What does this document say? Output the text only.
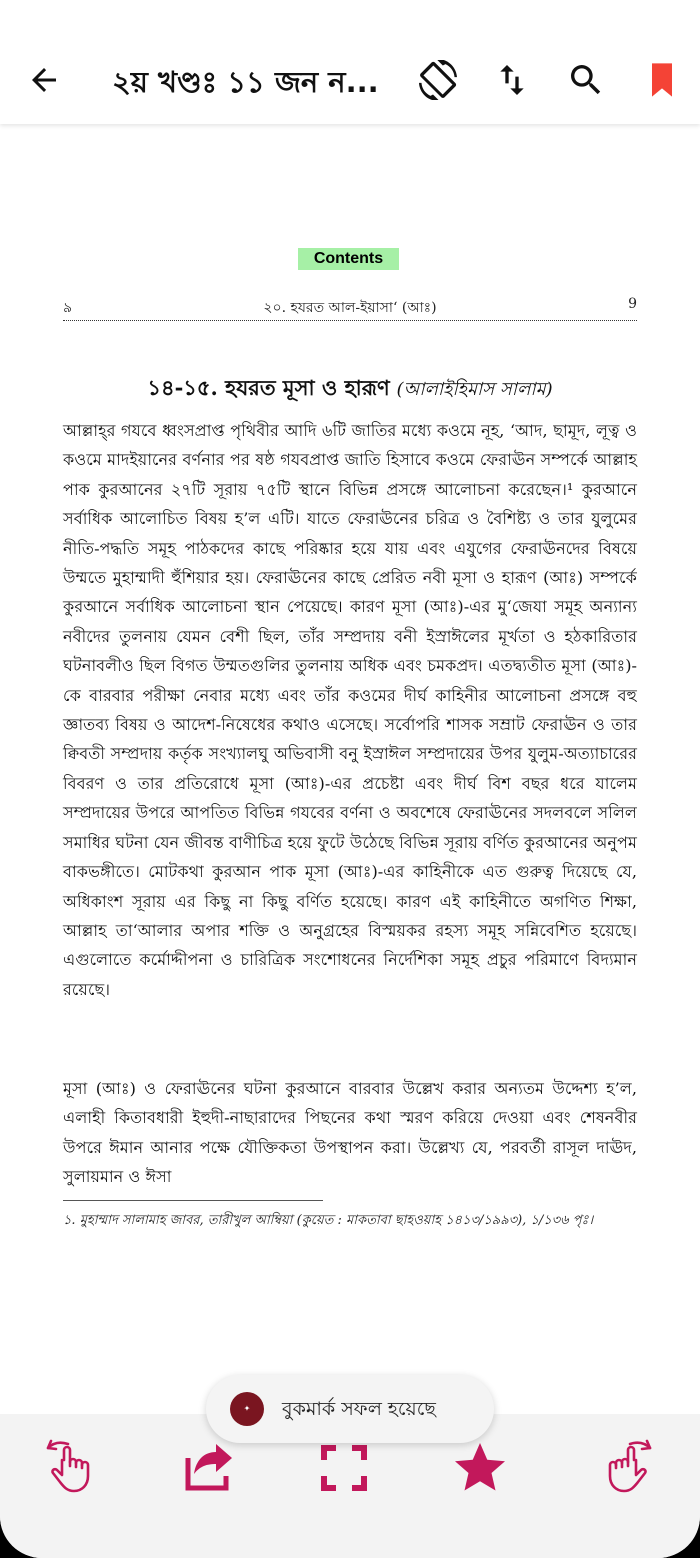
২য় খণ্ডঃ ১১ জন ন...
Contents
৯	২০. হযরত আল-ইয়াসা‘ (আঃ)	9
১৪-১৫. হযরত মূসা ও হারূণ (আলাইহিমাস সালাম)

আল্লাহ্‌র গযবে ধ্বংসপ্রাপ্ত পৃথিবীর আদি ৬টি জাতির মধ্যে কওমে নূহ, ‘আদ, ছামূদ, লূত্ব ও কওমে মাদইয়ানের বর্ণনার পর ষষ্ঠ গযবপ্রাপ্ত জাতি হিসাবে কওমে ফেরাঊন সম্পর্কে আল্লাহ পাক কুরআনের ২৭টি সূরায় ৭৫টি স্থানে বিভিন্ন প্রসঙ্গে আলোচনা করেছেন।¹ কুরআনে সর্বাধিক আলোচিত বিষয় হ’ল এটি। যাতে ফেরাঊনের চরিত্র ও বৈশিষ্ট্য ও তার যুলুমের নীতি-পদ্ধতি সমূহ পাঠকদের কাছে পরিষ্কার হয়ে যায় এবং এযুগের ফেরাঊনদের বিষয়ে উম্মতে মুহাম্মাদী হুঁশিয়ার হয়। ফেরাঊনের কাছে প্রেরিত নবী মূসা ও হারূণ (আঃ) সম্পর্কে কুরআনে সর্বাধিক আলোচনা স্থান পেয়েছে। কারণ মূসা (আঃ)-এর মু‘জেযা সমূহ অন্যান্য নবীদের তুলনায় যেমন বেশী ছিল, তাঁর সম্প্রদায় বনী ইস্রাঈলের মূর্খতা ও হঠকারিতার ঘটনাবলীও ছিল বিগত উম্মতগুলির তুলনায় অধিক এবং চমকপ্রদ। এতদ্ব্যতীত মূসা (আঃ)-কে বারবার পরীক্ষা নেবার মধ্যে এবং তাঁর কওমের দীর্ঘ কাহিনীর আলোচনা প্রসঙ্গে বহু জ্ঞাতব্য বিষয় ও আদেশ-নিষেধের কথাও এসেছে। সর্বোপরি শাসক সম্রাট ফেরাঊন ও তার ক্বিবতী সম্প্রদায় কর্তৃক সংখ্যালঘু অভিবাসী বনু ইস্রাঈল সম্প্রদায়ের উপর যুলুম-অত্যাচারের বিবরণ ও তার প্রতিরোধে মূসা (আঃ)-এর প্রচেষ্টা এবং দীর্ঘ বিশ বছর ধরে যালেম সম্প্রদায়ের উপরে আপতিত বিভিন্ন গযবের বর্ণনা ও অবশেষে ফেরাঊনের সদলবলে সলিল সমাধির ঘটনা যেন জীবন্ত বাণীচিত্র হয়ে ফুটে উঠেছে বিভিন্ন সূরায় বর্ণিত কুরআনের অনুপম বাকভঙ্গীতে। মোটকথা কুরআন পাক মূসা (আঃ)-এর কাহিনীকে এত গুরুত্ব দিয়েছে যে, অধিকাংশ সূরায় এর কিছু না কিছু বর্ণিত হয়েছে। কারণ এই কাহিনীতে অগণিত শিক্ষা, আল্লাহ তা‘আলার অপার শক্তি ও অনুগ্রহের বিস্ময়কর রহস্য সমূহ সন্নিবেশিত হয়েছে। এগুলোতে কর্মোদ্দীপনা ও চারিত্রিক সংশোধনের নির্দেশিকা সমূহ প্রচুর পরিমাণে বিদ্যমান রয়েছে।

মূসা (আঃ) ও ফেরাঊনের ঘটনা কুরআনে বারবার উল্লেখ করার অন্যতম উদ্দেশ্য হ’ল, এলাহী কিতাবধারী ইহুদী-নাছারাদের পিছনের কথা স্মরণ করিয়ে দেওয়া এবং শেষনবীর উপরে ঈমান আনার পক্ষে যৌক্তিকতা উপস্থাপন করা। উল্লেখ্য যে, পরবর্তী রাসূল দাঊদ, সুলায়মান ও ঈসা

১. মুহাম্মাদ সালামাহ জাবর, তারীখুল আম্বিয়া (কুয়েত : মাকতাবা ছাহওয়াহ ১৪১৩/১৯৯৩), ১/১৩৬ পৃঃ।
✦	বুকমার্ক সফল হয়েছে
